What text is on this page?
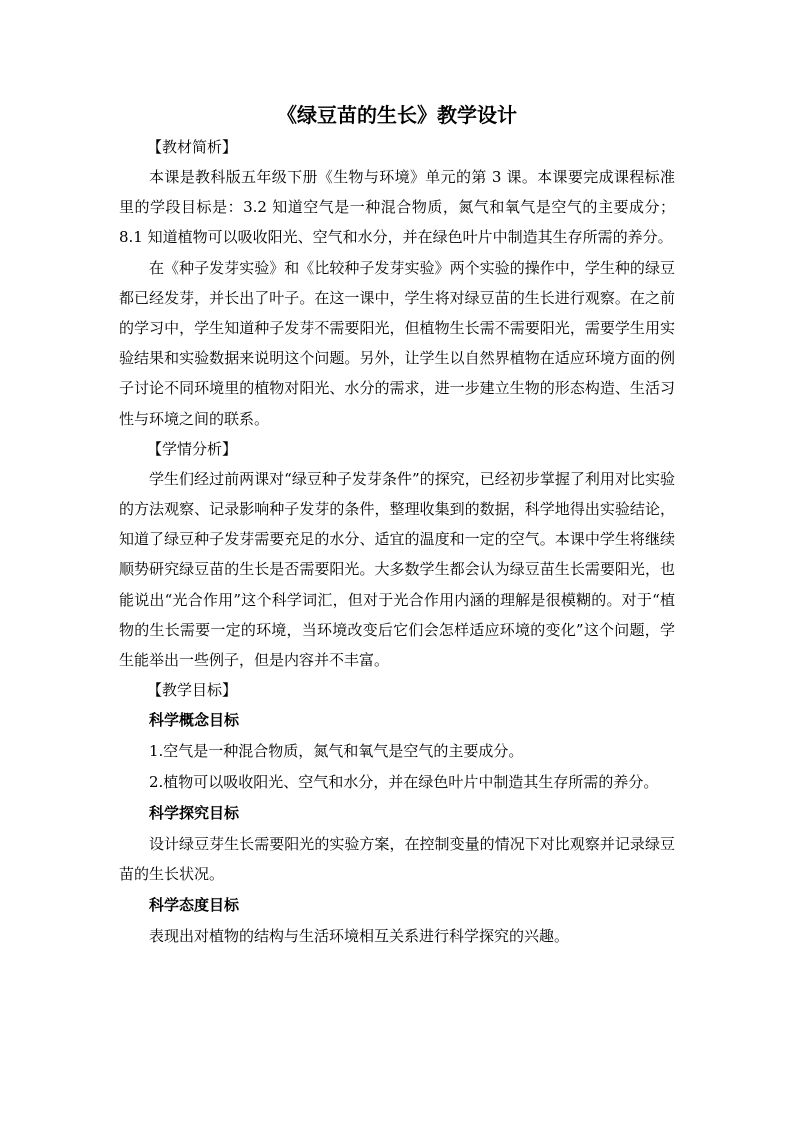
《绿豆苗的生长》教学设计

【教材简析】

本课是教科版五年级下册《生物与环境》单元的第 3 课。本课要完成课程标准里的学段目标是：3.2 知道空气是一种混合物质，氮气和氧气是空气的主要成分；8.1 知道植物可以吸收阳光、空气和水分，并在绿色叶片中制造其生存所需的养分。

在《种子发芽实验》和《比较种子发芽实验》两个实验的操作中，学生种的绿豆都已经发芽，并长出了叶子。在这一课中，学生将对绿豆苗的生长进行观察。在之前的学习中，学生知道种子发芽不需要阳光，但植物生长需不需要阳光，需要学生用实验结果和实验数据来说明这个问题。另外，让学生以自然界植物在适应环境方面的例子讨论不同环境里的植物对阳光、水分的需求，进一步建立生物的形态构造、生活习性与环境之间的联系。

【学情分析】

学生们经过前两课对“绿豆种子发芽条件”的探究，已经初步掌握了利用对比实验的方法观察、记录影响种子发芽的条件，整理收集到的数据，科学地得出实验结论，知道了绿豆种子发芽需要充足的水分、适宜的温度和一定的空气。本课中学生将继续顺势研究绿豆苗的生长是否需要阳光。大多数学生都会认为绿豆苗生长需要阳光，也能说出“光合作用”这个科学词汇，但对于光合作用内涵的理解是很模糊的。对于“植物的生长需要一定的环境，当环境改变后它们会怎样适应环境的变化”这个问题，学生能举出一些例子，但是内容并不丰富。

【教学目标】

科学概念目标

1.空气是一种混合物质，氮气和氧气是空气的主要成分。

2.植物可以吸收阳光、空气和水分，并在绿色叶片中制造其生存所需的养分。

科学探究目标

设计绿豆芽生长需要阳光的实验方案，在控制变量的情况下对比观察并记录绿豆苗的生长状况。

科学态度目标

表现出对植物的结构与生活环境相互关系进行科学探究的兴趣。
